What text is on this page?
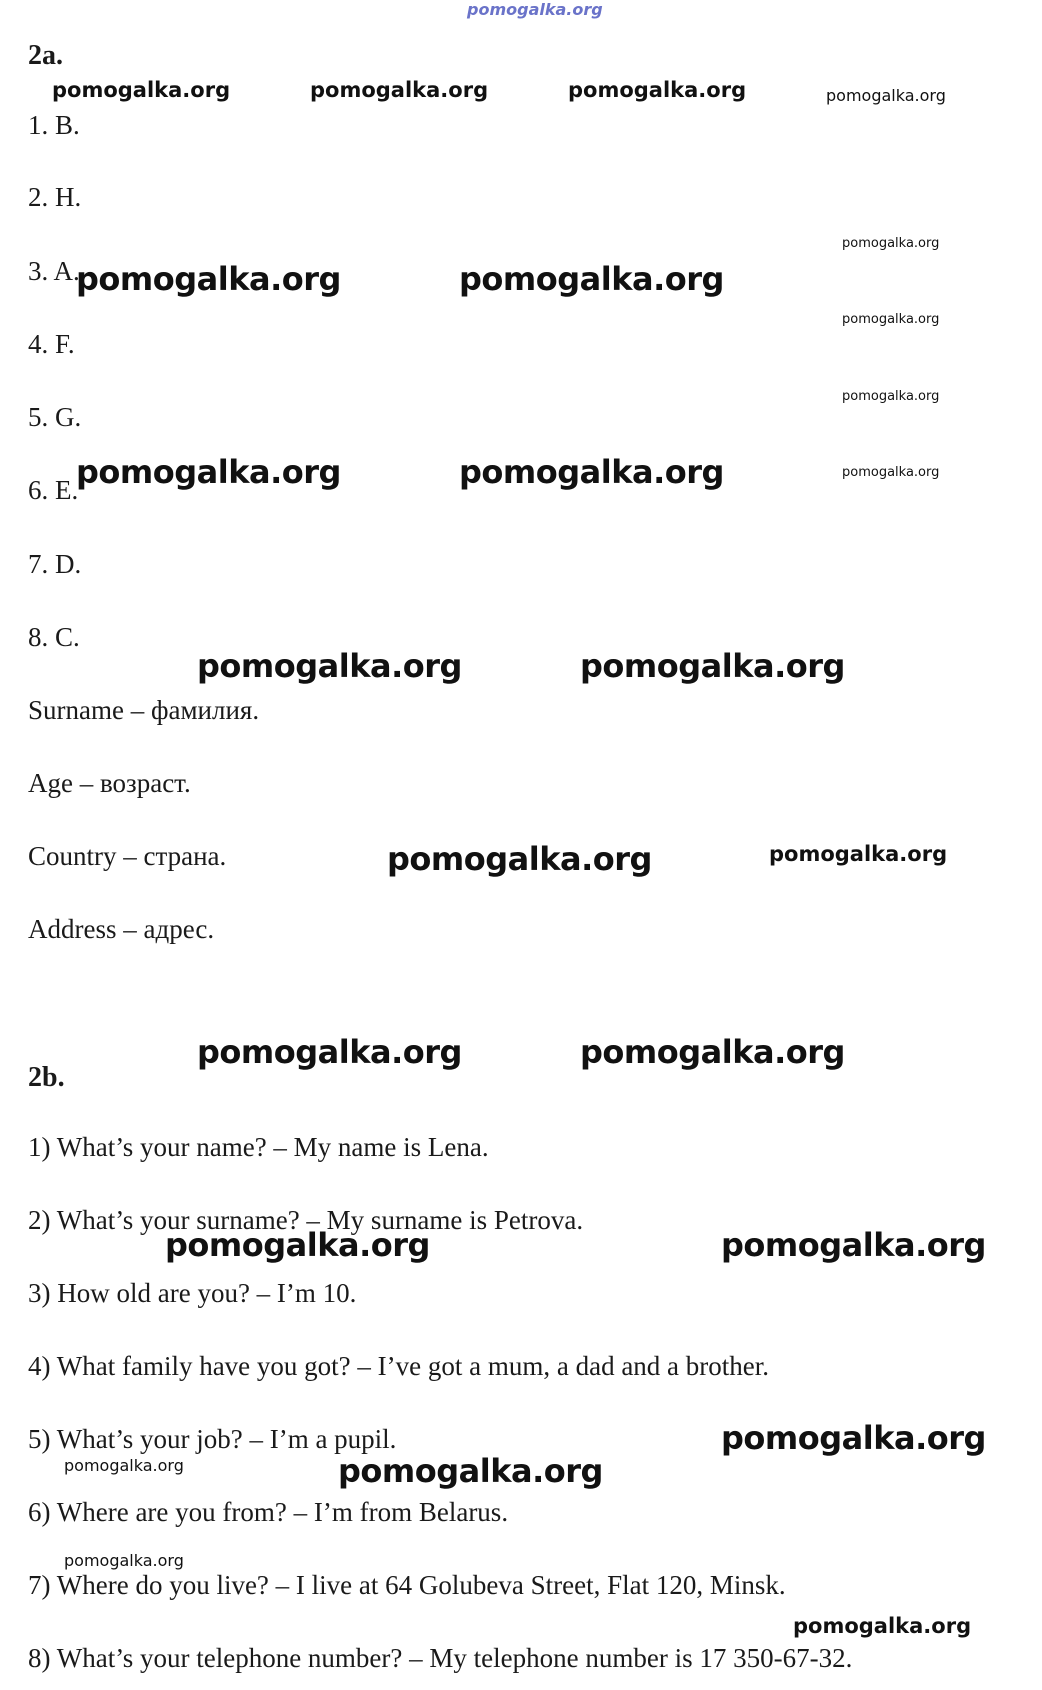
pomogalka.org
2a.
1. B.
2. H.
3. A.
4. F.
5. G.
6. E.
7. D.
8. C.
Surname – фамилия.
Age – возраст.
Country – страна.
Address – адрес.
2b.
1) What’s your name? – My name is Lena.
2) What’s your surname? – My surname is Petrova.
3) How old are you? – I’m 10.
4) What family have you got? – I’ve got a mum, a dad and a brother.
5) What’s your job? – I’m a pupil.
6) Where are you from? – I’m from Belarus.
7) Where do you live? – I live at 64 Golubeva Street, Flat 120, Minsk.
8) What’s your telephone number? – My telephone number is 17 350-67-32.
pomogalka.org	pomogalka.org	pomogalka.org	pomogalka.org
pomogalka.org
pomogalka.org	pomogalka.org
pomogalka.org
pomogalka.org
pomogalka.org	pomogalka.org	pomogalka.org
pomogalka.org	pomogalka.org
pomogalka.org	pomogalka.org
pomogalka.org	pomogalka.org
pomogalka.org	pomogalka.org
pomogalka.org
pomogalka.org	pomogalka.org
pomogalka.org
pomogalka.org
